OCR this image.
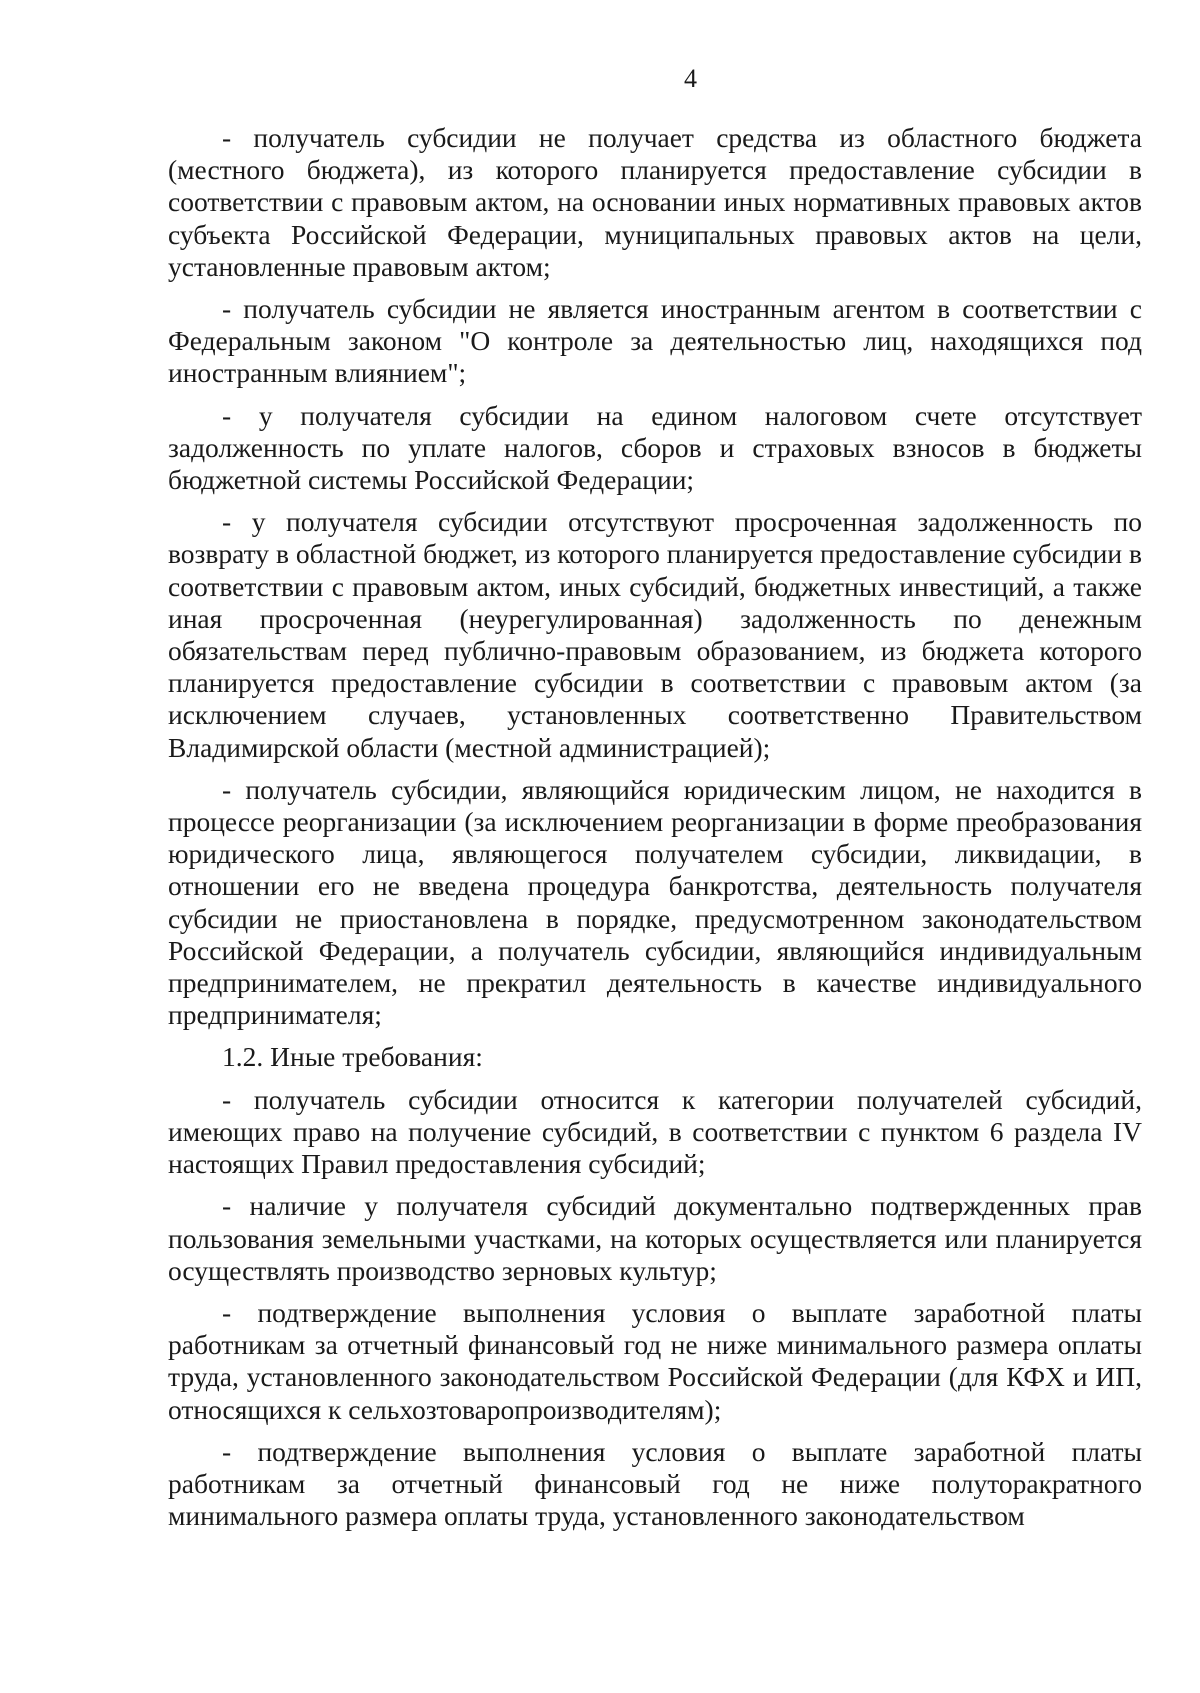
4

- получатель субсидии не получает средства из областного бюджета (местного бюджета), из которого планируется предоставление субсидии в соответствии с правовым актом, на основании иных нормативных правовых актов субъекта Российской Федерации, муниципальных правовых актов на цели, установленные правовым актом;

- получатель субсидии не является иностранным агентом в соответствии с Федеральным законом "О контроле за деятельностью лиц, находящихся под иностранным влиянием";

- у получателя субсидии на едином налоговом счете отсутствует задолженность по уплате налогов, сборов и страховых взносов в бюджеты бюджетной системы Российской Федерации;

- у получателя субсидии отсутствуют просроченная задолженность по возврату в областной бюджет, из которого планируется предоставление субсидии в соответствии с правовым актом, иных субсидий, бюджетных инвестиций, а также иная просроченная (неурегулированная) задолженность по денежным обязательствам перед публично-правовым образованием, из бюджета которого планируется предоставление субсидии в соответствии с правовым актом (за исключением случаев, установленных соответственно Правительством Владимирской области (местной администрацией);

- получатель субсидии, являющийся юридическим лицом, не находится в процессе реорганизации (за исключением реорганизации в форме преобразования юридического лица, являющегося получателем субсидии, ликвидации, в отношении его не введена процедура банкротства, деятельность получателя субсидии не приостановлена в порядке, предусмотренном законодательством Российской Федерации, а получатель субсидии, являющийся индивидуальным предпринимателем, не прекратил деятельность в качестве индивидуального предпринимателя;

1.2. Иные требования:

- получатель субсидии относится к категории получателей субсидий, имеющих право на получение субсидий, в соответствии с пунктом 6 раздела IV настоящих Правил предоставления субсидий;

- наличие у получателя субсидий документально подтвержденных прав пользования земельными участками, на которых осуществляется или планируется осуществлять производство зерновых культур;

- подтверждение выполнения условия о выплате заработной платы работникам за отчетный финансовый год не ниже минимального размера оплаты труда, установленного законодательством Российской Федерации (для КФХ и ИП, относящихся к сельхозтоваропроизводителям);

- подтверждение выполнения условия о выплате заработной платы работникам за отчетный финансовый год не ниже полуторакратного минимального размера оплаты труда, установленного законодательством
